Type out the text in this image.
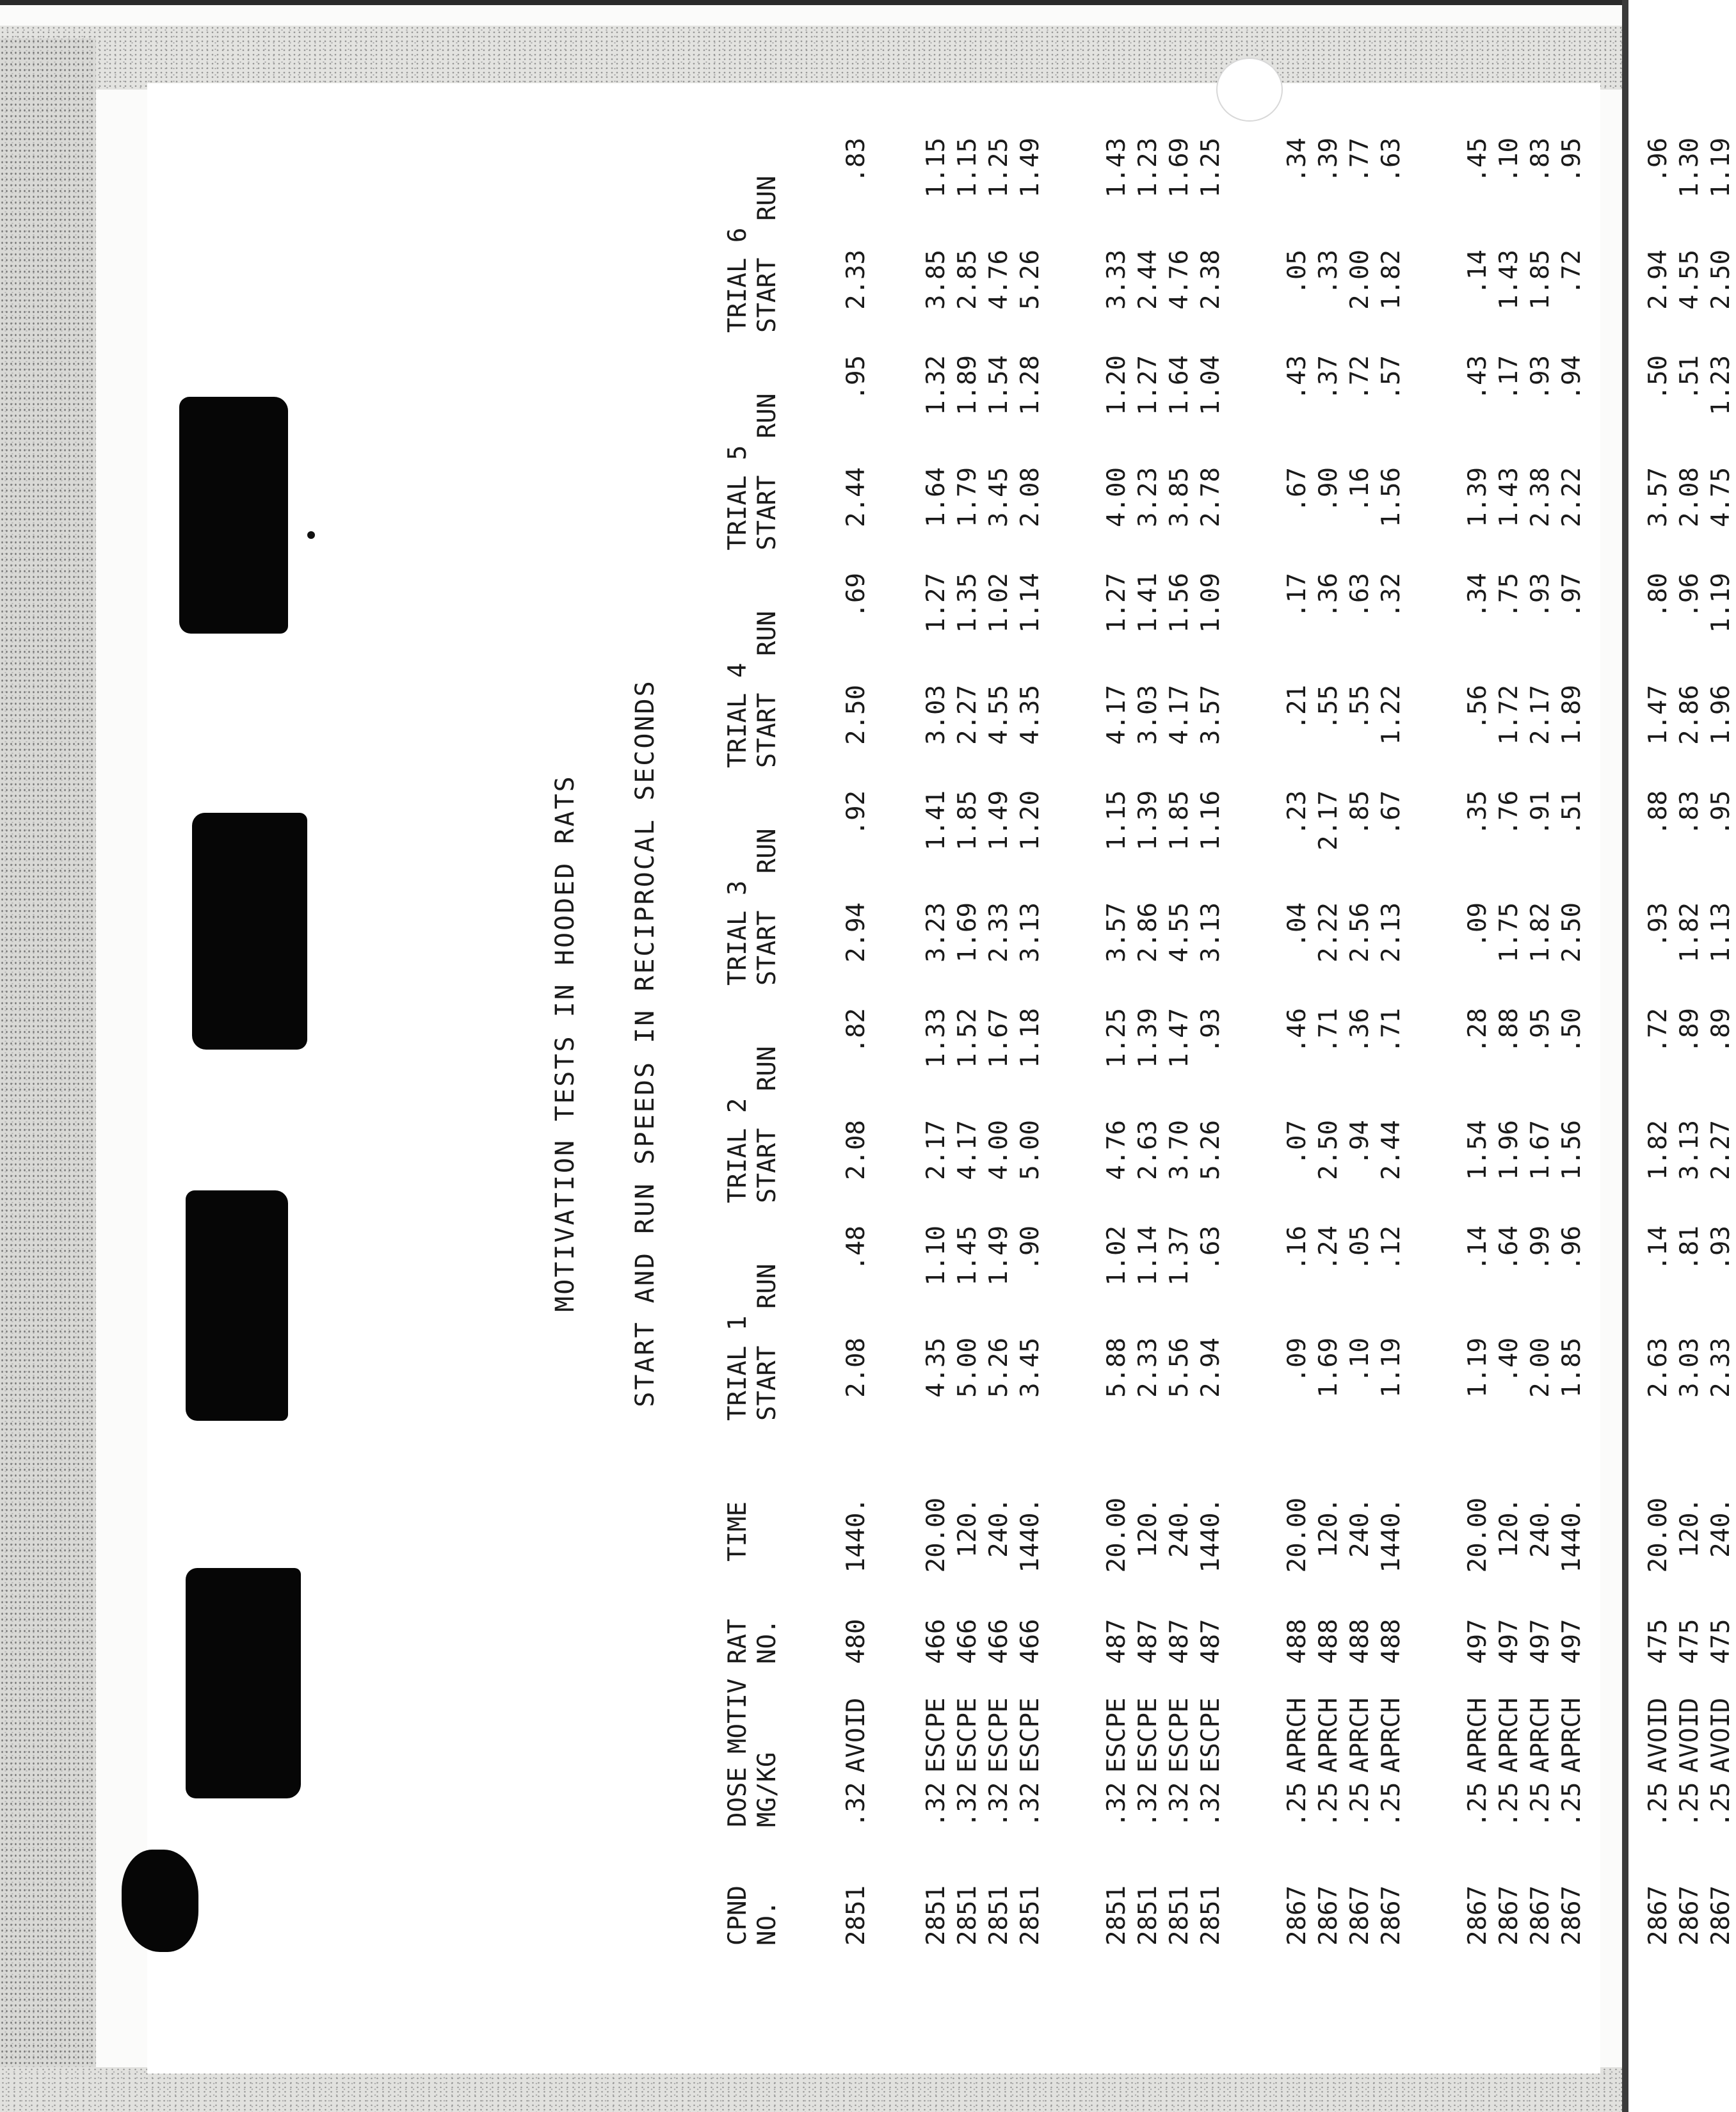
MOTIVATION TESTS IN HOODED RATS START AND RUN SPEEDS IN RECIPROCAL SECONDS

CPND

DOSE

MOTIV

RAT

TIME

TRIAL 1

TRIAL 2

TRIAL 3

TRIAL 4

TRIAL 5

TRIAL 6

NO.

MG/KG

NO.

START

RUN

START

RUN

START

RUN

START

RUN

START

RUN

START

RUN

2851
.32
AVOID
480
1440.
2.08
.48
2.08
.82
2.94
.92
2.50
.69
2.44
.95
2.33
.83
2851
.32
ESCPE
466
20.00
4.35
1.10
2.17
1.33
3.23
1.41
3.03
1.27
1.64
1.32
3.85
1.15
2851
.32
ESCPE
466
120.
5.00
1.45
4.17
1.52
1.69
1.85
2.27
1.35
1.79
1.89
2.85
1.15
2851
.32
ESCPE
466
240.
5.26
1.49
4.00
1.67
2.33
1.49
4.55
1.02
3.45
1.54
4.76
1.25
2851
.32
ESCPE
466
1440.
3.45
.90
5.00
1.18
3.13
1.20
4.35
1.14
2.08
1.28
5.26
1.49
2851
.32
ESCPE
487
20.00
5.88
1.02
4.76
1.25
3.57
1.15
4.17
1.27
4.00
1.20
3.33
1.43
2851
.32
ESCPE
487
120.
2.33
1.14
2.63
1.39
2.86
1.39
3.03
1.41
3.23
1.27
2.44
1.23
2851
.32
ESCPE
487
240.
5.56
1.37
3.70
1.47
4.55
1.85
4.17
1.56
3.85
1.64
4.76
1.69
2851
.32
ESCPE
487
1440.
2.94
.63
5.26
.93
3.13
1.16
3.57
1.09
2.78
1.04
2.38
1.25
2867
.25
APRCH
488
20.00
.09
.16
.07
.46
.04
.23
.21
.17
.67
.43
.05
.34
2867
.25
APRCH
488
120.
1.69
.24
2.50
.71
2.22
2.17
.55
.36
.90
.37
.33
.39
2867
.25
APRCH
488
240.
.10
.05
.94
.36
2.56
.85
.55
.63
.16
.72
2.00
.77
2867
.25
APRCH
488
1440.
1.19
.12
2.44
.71
2.13
.67
1.22
.32
1.56
.57
1.82
.63
2867
.25
APRCH
497
20.00
1.19
.14
1.54
.28
.09
.35
.56
.34
1.39
.43
.14
.45
2867
.25
APRCH
497
120.
.40
.64
1.96
.88
1.75
.76
1.72
.75
1.43
.17
1.43
.10
2867
.25
APRCH
497
240.
2.00
.99
1.67
.95
1.82
.91
2.17
.93
2.38
.93
1.85
.83
2867
.25
APRCH
497
1440.
1.85
.96
1.56
.50
2.50
.51
1.89
.97
2.22
.94
.72
.95
2867
.25
AVOID
475
20.00
2.63
.14
1.82
.72
.93
.88
1.47
.80
3.57
.50
2.94
.96
2867
.25
AVOID
475
120.
3.03
.81
3.13
.89
1.82
.83
2.86
.96
2.08
.51
4.55
1.30
2867
.25
AVOID
475
240.
2.33
.93
2.27
.89
1.13
.95
1.96
1.19
4.75
1.23
2.50
1.19
